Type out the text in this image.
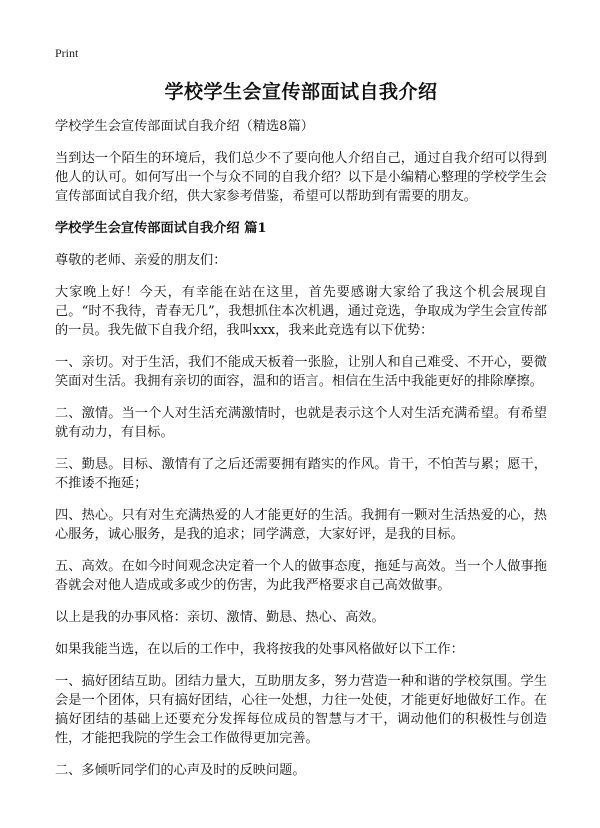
Print
学校学生会宣传部面试自我介绍

学校学生会宣传部面试自我介绍（精选8篇）

当到达一个陌生的环境后，我们总少不了要向他人介绍自己，通过自我介绍可以得到他人的认可。如何写出一个与众不同的自我介绍？以下是小编精心整理的学校学生会宣传部面试自我介绍，供大家参考借鉴，希望可以帮助到有需要的朋友。

学校学生会宣传部面试自我介绍 篇1

尊敬的老师、亲爱的朋友们：

大家晚上好！今天，有幸能在站在这里，首先要感谢大家给了我这个机会展现自己。“时不我待，青春无几”，我想抓住本次机遇，通过竞选，争取成为学生会宣传部的一员。我先做下自我介绍，我叫xxx，我来此竞选有以下优势：

一、亲切。对于生活，我们不能成天板着一张脸，让别人和自己难受、不开心，要微笑面对生活。我拥有亲切的面容，温和的语言。相信在生活中我能更好的排除摩擦。

二、激情。当一个人对生活充满激情时，也就是表示这个人对生活充满希望。有希望就有动力，有目标。

三、勤恳。目标、激情有了之后还需要拥有踏实的作风。肯干，不怕苦与累；愿干，不推诿不拖延；

四、热心。只有对生充满热爱的人才能更好的生活。我拥有一颗对生活热爱的心，热心服务，诚心服务，是我的追求；同学满意，大家好评，是我的目标。

五、高效。在如今时间观念决定着一个人的做事态度，拖延与高效。当一个人做事拖沓就会对他人造成或多或少的伤害，为此我严格要求自己高效做事。

以上是我的办事风格：亲切、激情、勤恳、热心、高效。

如果我能当选，在以后的工作中，我将按我的处事风格做好以下工作：

一、搞好团结互助。团结力量大，互助朋友多，努力营造一种和谐的学校氛围。学生会是一个团体，只有搞好团结，心往一处想，力往一处使，才能更好地做好工作。在搞好团结的基础上还要充分发挥每位成员的智慧与才干，调动他们的积极性与创造性，才能把我院的学生会工作做得更加完善。

二、多倾听同学们的心声及时的反映问题。
